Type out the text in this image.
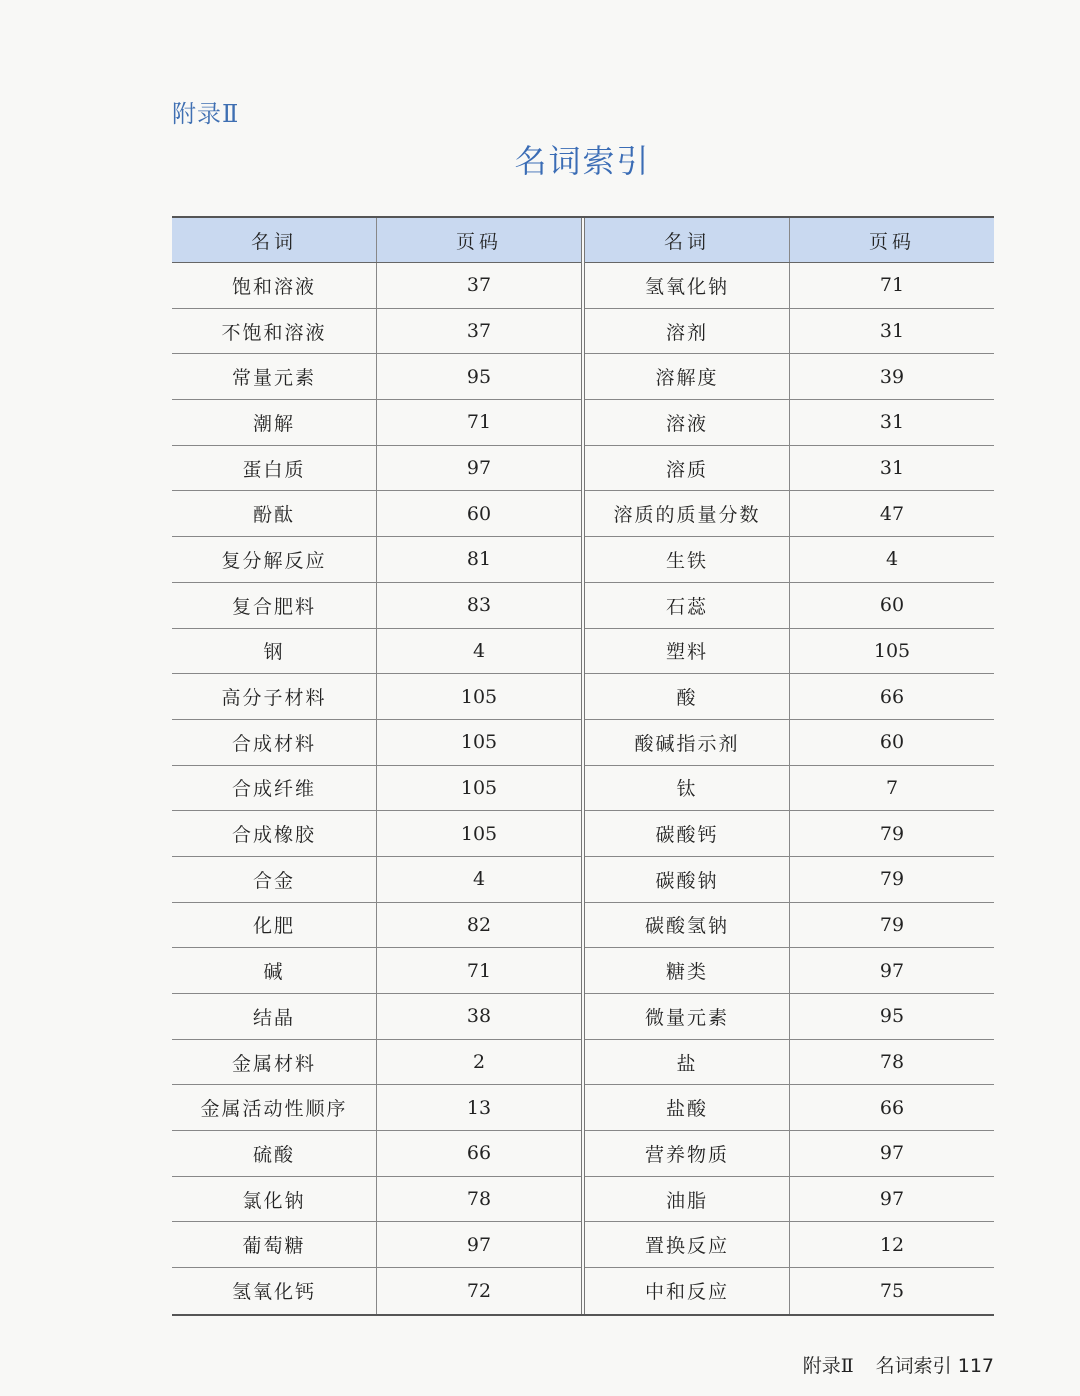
附录Ⅱ
名词索引
名词	页码
饱和溶液	37
不饱和溶液	37
常量元素	95
潮解	71
蛋白质	97
酚酞	60
复分解反应	81
复合肥料	83
钢	4
高分子材料	105
合成材料	105
合成纤维	105
合成橡胶	105
合金	4
化肥	82
碱	71
结晶	38
金属材料	2
金属活动性顺序	13
硫酸	66
氯化钠	78
葡萄糖	97
氢氧化钙	72
名词	页码
氢氧化钠	71
溶剂	31
溶解度	39
溶液	31
溶质	31
溶质的质量分数	47
生铁	4
石蕊	60
塑料	105
酸	66
酸碱指示剂	60
钛	7
碳酸钙	79
碳酸钠	79
碳酸氢钠	79
糖类	97
微量元素	95
盐	78
盐酸	66
营养物质	97
油脂	97
置换反应	12
中和反应	75
附录Ⅱ 名词索引 117
